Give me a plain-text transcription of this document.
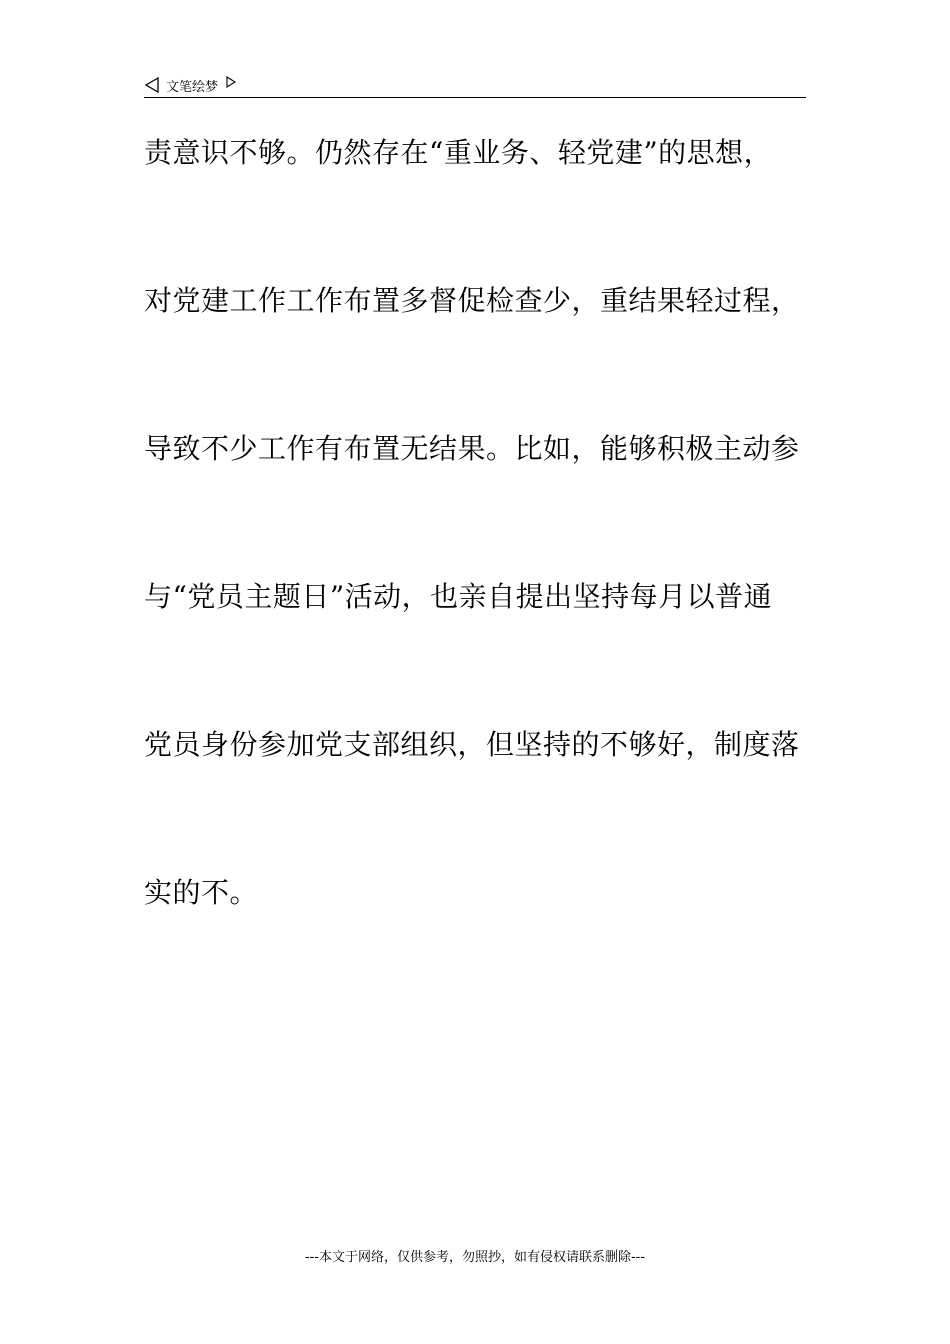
文笔绘梦
责意识不够。仍然存在“重业务、轻党建”的思想，
对党建工作工作布置多督促检查少，重结果轻过程，
导致不少工作有布置无结果。比如，能够积极主动参
与“党员主题日”活动，也亲自提出坚持每月以普通
党员身份参加党支部组织，但坚持的不够好，制度落
实的不。
---本文于网络，仅供参考，勿照抄，如有侵权请联系删除---
